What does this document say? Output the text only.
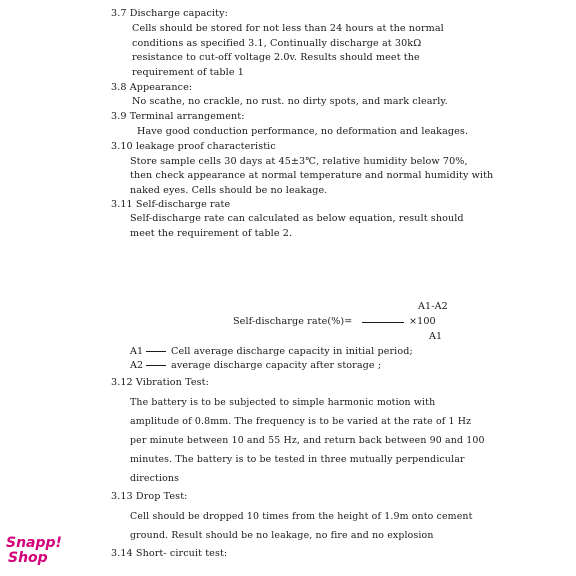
3.7 Discharge capacity:
Cells should be stored for not less than 24 hours at the normal
conditions as specified 3.1, Continually discharge at 30kΩ
resistance to cut-off voltage 2.0v. Results should meet the
requirement of table 1
3.8 Appearance:
No scathe, no crackle, no rust. no dirty spots, and mark clearly.
3.9 Terminal arrangement:
Have good conduction performance, no deformation and leakages.
3.10 leakage proof characteristic
Store sample cells 30 days at 45±3℃, relative humidity below 70%,
then check appearance at normal temperature and normal humidity with
naked eyes. Cells should be no leakage.
3.11 Self-discharge rate
Self-discharge rate can calculated as below equation, result should
meet the requirement of table 2.
A1-A2
Self-discharge rate(%)=	×100
A1
A1	Cell average discharge capacity in initial period;
A2	average discharge capacity after storage ;
3.12 Vibration Test:
The battery is to be subjected to simple harmonic motion with
amplitude of 0.8mm. The frequency is to be varied at the rate of 1 Hz
per minute between 10 and 55 Hz, and return back between 90 and 100
minutes. The battery is to be tested in three mutually perpendicular
directions
3.13 Drop Test:
Cell should be dropped 10 times from the height of 1.9m onto cement
ground. Result should be no leakage, no fire and no explosion
3.14 Short- circuit test:
Snapp!
Shop
